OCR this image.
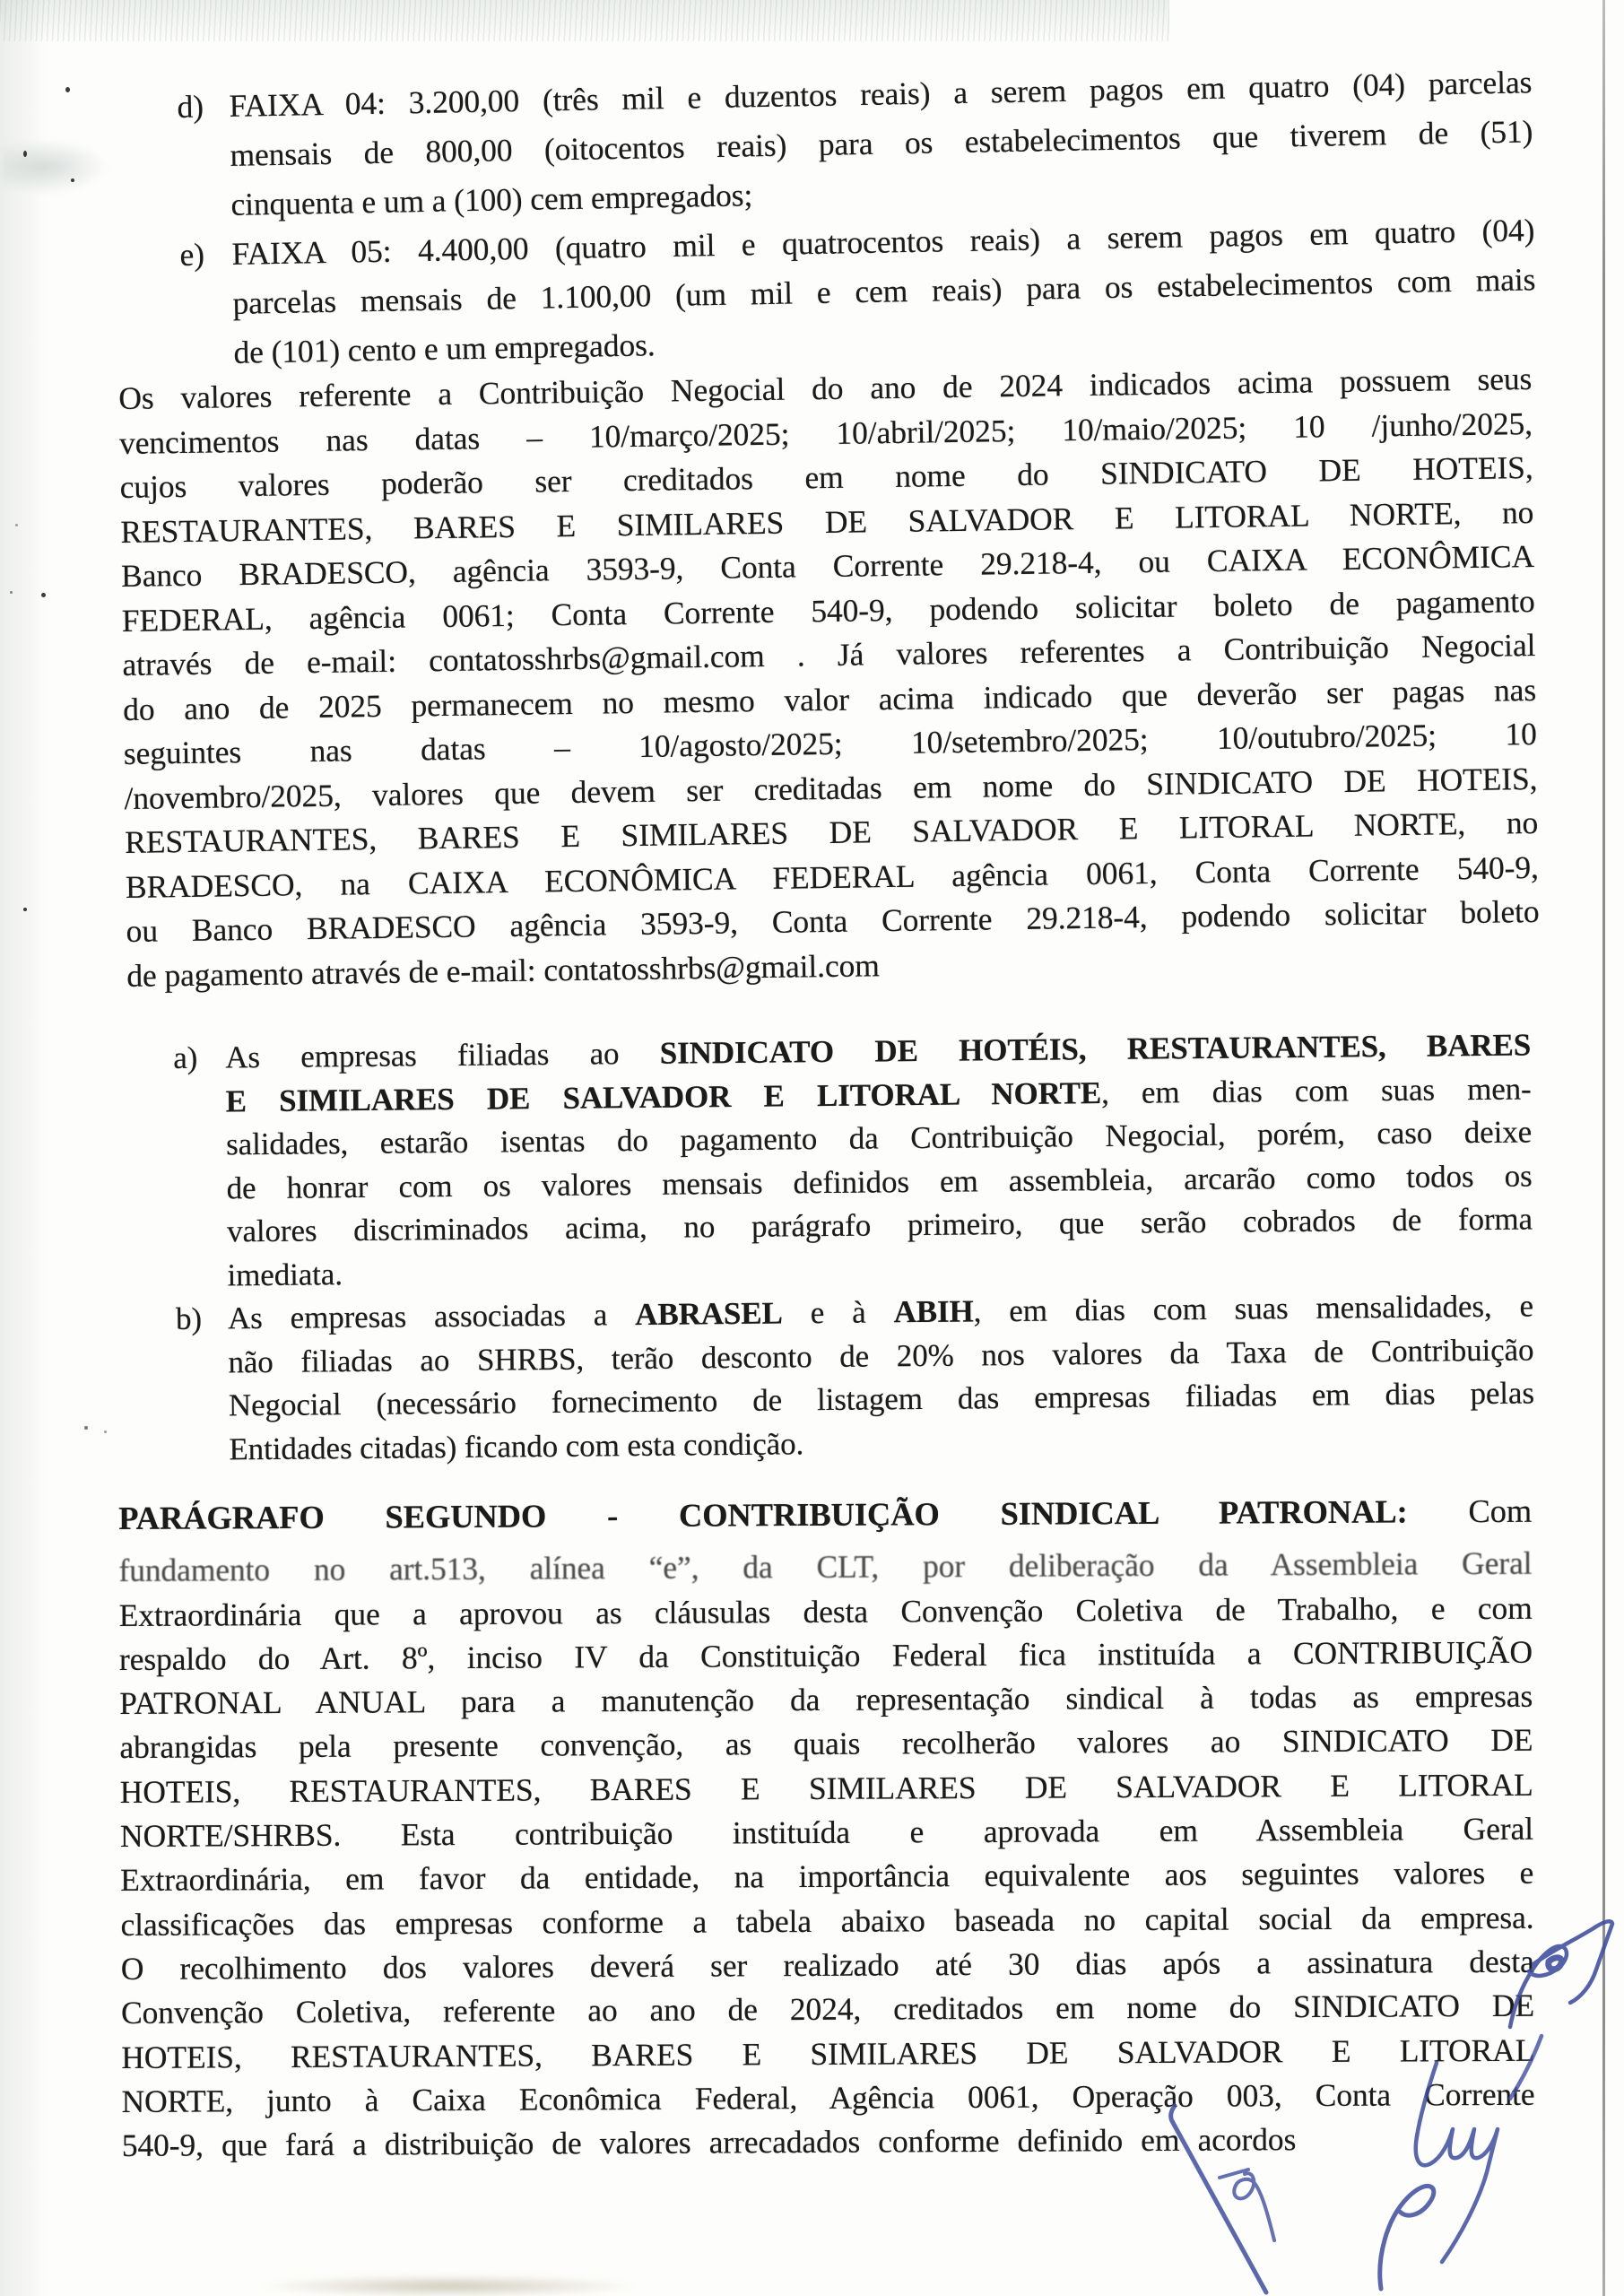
d) FAIXA 04: 3.200,00 (três mil e duzentos reais) a serem pagos em quatro (04) parcelas
mensais de 800,00 (oitocentos reais) para os estabelecimentos que tiverem de (51)
cinquenta e um a (100) cem empregados;
e) FAIXA 05: 4.400,00 (quatro mil e quatrocentos reais) a serem pagos em quatro (04)
parcelas mensais de 1.100,00 (um mil e cem reais) para os estabelecimentos com mais
de (101) cento e um empregados.
Os valores referente a Contribuição Negocial do ano de 2024 indicados acima possuem seus
vencimentos nas datas – 10/março/2025; 10/abril/2025; 10/maio/2025; 10 /junho/2025,
cujos valores poderão ser creditados em nome do SINDICATO DE HOTEIS,
RESTAURANTES, BARES E SIMILARES DE SALVADOR E LITORAL NORTE, no
Banco BRADESCO, agência 3593-9, Conta Corrente 29.218-4, ou CAIXA ECONÔMICA
FEDERAL, agência 0061; Conta Corrente 540-9, podendo solicitar boleto de pagamento
através de e-mail: contatosshrbs@gmail.com . Já valores referentes a Contribuição Negocial
do ano de 2025 permanecem no mesmo valor acima indicado que deverão ser pagas nas
seguintes nas datas – 10/agosto/2025; 10/setembro/2025; 10/outubro/2025; 10
/novembro/2025, valores que devem ser creditadas em nome do SINDICATO DE HOTEIS,
RESTAURANTES, BARES E SIMILARES DE SALVADOR E LITORAL NORTE, no
BRADESCO, na CAIXA ECONÔMICA FEDERAL agência 0061, Conta Corrente 540-9,
ou Banco BRADESCO agência 3593-9, Conta Corrente 29.218-4, podendo solicitar boleto
de pagamento através de e-mail: contatosshrbs@gmail.com
a) As empresas filiadas ao SINDICATO DE HOTÉIS, RESTAURANTES, BARES
E SIMILARES DE SALVADOR E LITORAL NORTE, em dias com suas men-
salidades, estarão isentas do pagamento da Contribuição Negocial, porém, caso deixe
de honrar com os valores mensais definidos em assembleia, arcarão como todos os
valores discriminados acima, no parágrafo primeiro, que serão cobrados de forma
imediata.
b) As empresas associadas a ABRASEL e à ABIH, em dias com suas mensalidades, e
não filiadas ao SHRBS, terão desconto de 20% nos valores da Taxa de Contribuição
Negocial (necessário fornecimento de listagem das empresas filiadas em dias pelas
Entidades citadas) ficando com esta condição.
PARÁGRAFO SEGUNDO - CONTRIBUIÇÃO SINDICAL PATRONAL: Com
fundamento no art.513, alínea “e”, da CLT, por deliberação da Assembleia Geral
Extraordinária que a aprovou as cláusulas desta Convenção Coletiva de Trabalho, e com
respaldo do Art. 8º, inciso IV da Constituição Federal fica instituída a CONTRIBUIÇÃO
PATRONAL ANUAL para a manutenção da representação sindical à todas as empresas
abrangidas pela presente convenção, as quais recolherão valores ao SINDICATO DE
HOTEIS, RESTAURANTES, BARES E SIMILARES DE SALVADOR E LITORAL
NORTE/SHRBS. Esta contribuição instituída e aprovada em Assembleia Geral
Extraordinária, em favor da entidade, na importância equivalente aos seguintes valores e
classificações das empresas conforme a tabela abaixo baseada no capital social da empresa.
O recolhimento dos valores deverá ser realizado até 30 dias após a assinatura desta
Convenção Coletiva, referente ao ano de 2024, creditados em nome do SINDICATO DE
HOTEIS, RESTAURANTES, BARES E SIMILARES DE SALVADOR E LITORAL
NORTE, junto à Caixa Econômica Federal, Agência 0061, Operação 003, Conta Corrente
540-9, que fará a distribuição de valores arrecadados conforme definido em acordos
